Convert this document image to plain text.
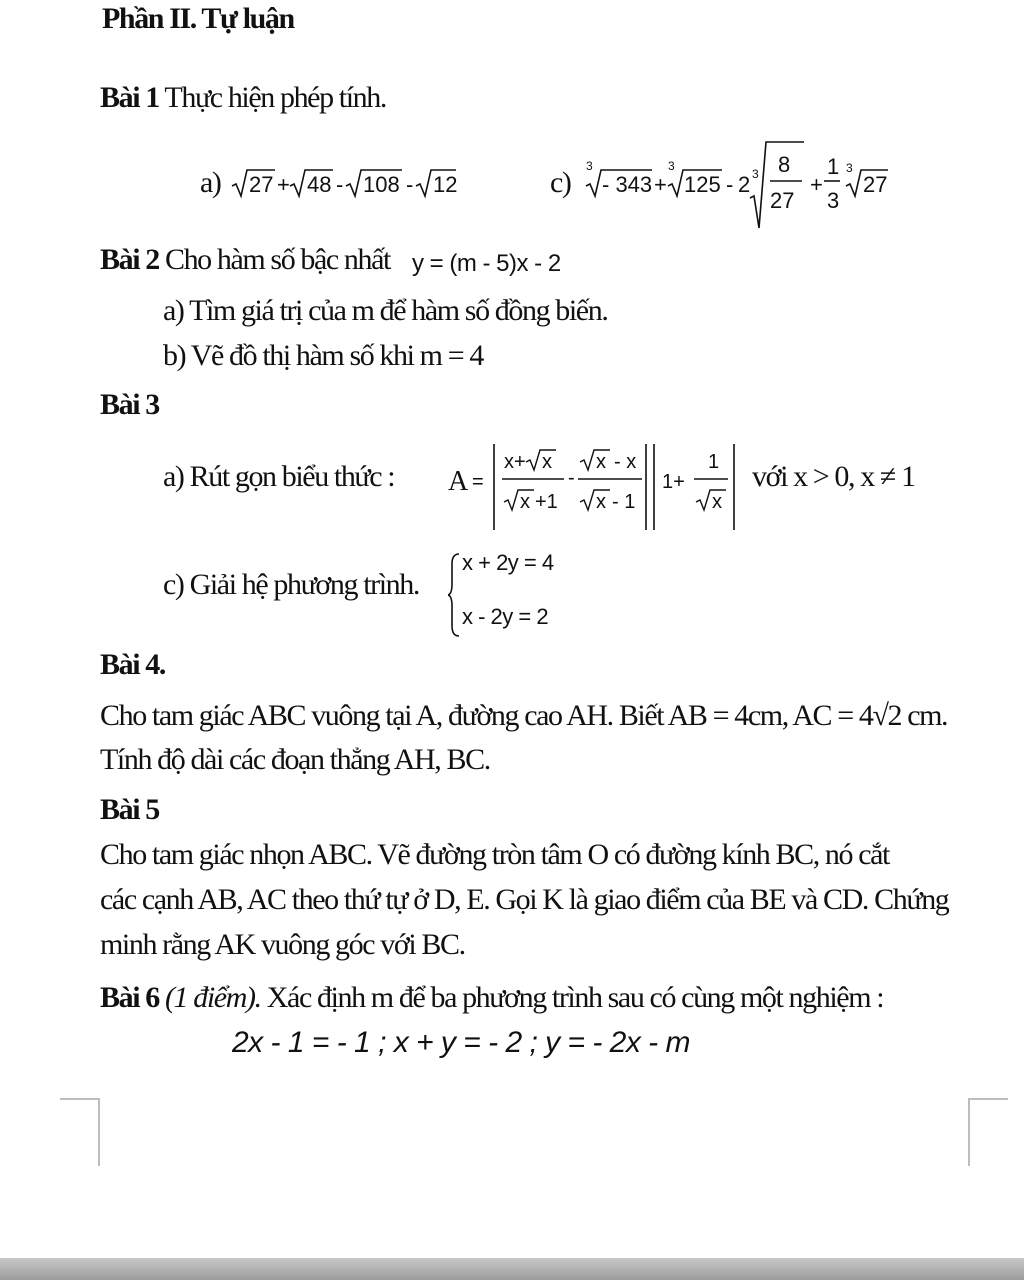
Phần II. Tự luận
Bài 1 Thực hiện phép tính.
a) 27 + 48 - 108 - 12	c) 3
- 343 +
3
125 - 2 3 8
27
+
1
3
3
27
Bài 2 Cho hàm số bậc nhất y = (m - 5)x - 2
a) Tìm giá trị của m để hàm số đồng biến.
b) Vẽ đồ thị hàm số khi m = 4
Bài 3
a) Rút gọn biểu thức : A =
x+ x
x +1
-
x - x
x - 1
1+
1
x
với x > 0, x ≠ 1
c) Giải hệ phương trình.
x + 2y = 4
x - 2y = 2
Bài 4.
Cho tam giác ABC vuông tại A, đường cao AH. Biết AB = 4cm, AC = 4√2 cm.
Tính độ dài các đoạn thẳng AH, BC.
Bài 5
Cho tam giác nhọn ABC. Vẽ đường tròn tâm O có đường kính BC, nó cắt
các cạnh AB, AC theo thứ tự ở D, E. Gọi K là giao điểm của BE và CD. Chứng
minh rằng AK vuông góc với BC.
Bài 6 (1 điểm). Xác định m để ba phương trình sau có cùng một nghiệm :
2x - 1 = - 1 ; x + y = - 2 ; y = - 2x - m
